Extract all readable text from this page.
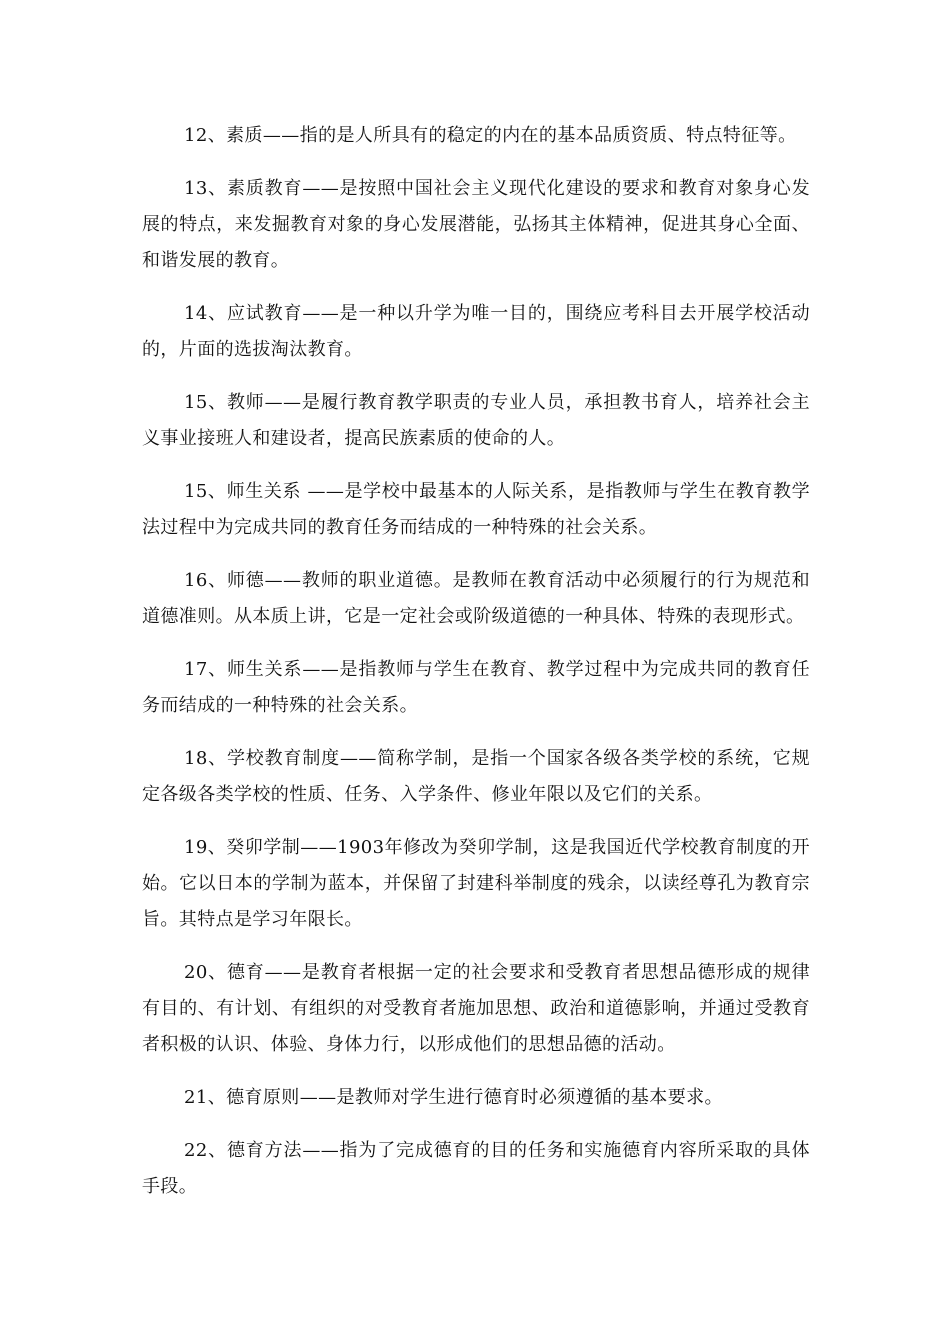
12、素质——指的是人所具有的稳定的内在的基本品质资质、特点特征等。

13、素质教育——是按照中国社会主义现代化建设的要求和教育对象身心发展的特点，来发掘教育对象的身心发展潜能，弘扬其主体精神，促进其身心全面、和谐发展的教育。

14、应试教育——是一种以升学为唯一目的，围绕应考科目去开展学校活动的，片面的选拔淘汰教育。

15、教师——是履行教育教学职责的专业人员，承担教书育人，培养社会主义事业接班人和建设者，提高民族素质的使命的人。

15、师生关系 ——是学校中最基本的人际关系，是指教师与学生在教育教学法过程中为完成共同的教育任务而结成的一种特殊的社会关系。

16、师德——教师的职业道德。是教师在教育活动中必须履行的行为规范和道德准则。从本质上讲，它是一定社会或阶级道德的一种具体、特殊的表现形式。

17、师生关系——是指教师与学生在教育、教学过程中为完成共同的教育任务而结成的一种特殊的社会关系。

18、学校教育制度——简称学制，是指一个国家各级各类学校的系统，它规定各级各类学校的性质、任务、入学条件、修业年限以及它们的关系。

19、癸卯学制——1903年修改为癸卯学制，这是我国近代学校教育制度的开始。它以日本的学制为蓝本，并保留了封建科举制度的残余，以读经尊孔为教育宗旨。其特点是学习年限长。

20、德育——是教育者根据一定的社会要求和受教育者思想品德形成的规律有目的、有计划、有组织的对受教育者施加思想、政治和道德影响，并通过受教育者积极的认识、体验、身体力行，以形成他们的思想品德的活动。

21、德育原则——是教师对学生进行德育时必须遵循的基本要求。

22、德育方法——指为了完成德育的目的任务和实施德育内容所采取的具体手段。
